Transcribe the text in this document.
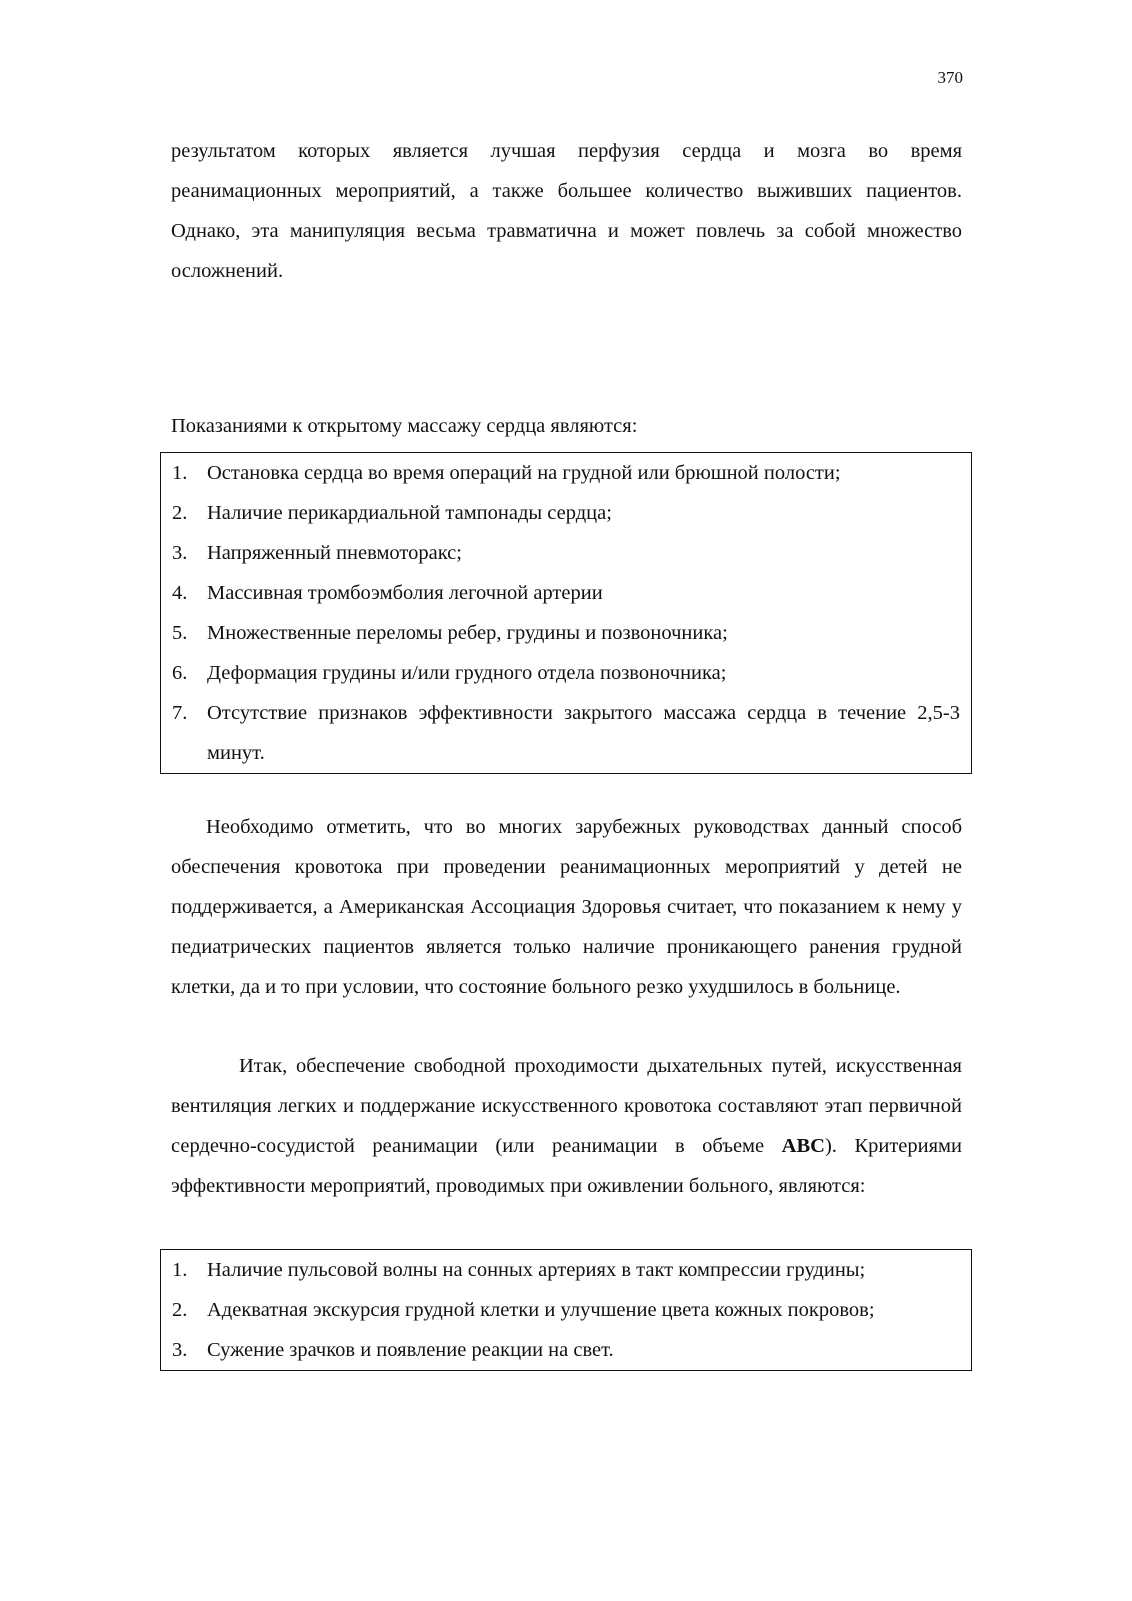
370

результатом которых является лучшая перфузия сердца и мозга во время реанимационных мероприятий, а также большее количество выживших пациентов. Однако, эта манипуляция весьма травматична и может повлечь за собой множество осложнений.

Показаниями к открытому массажу сердца являются:

1. Остановка сердца во время операций на грудной или брюшной полости;
2. Наличие перикардиальной тампонады сердца;
3. Напряженный пневмоторакс;
4. Массивная тромбоэмболия легочной артерии
5. Множественные переломы ребер, грудины и позвоночника;
6. Деформация грудины и/или грудного отдела позвоночника;
7. Отсутствие признаков эффективности закрытого массажа сердца в течение 2,5-3 минут.

Необходимо отметить, что во многих зарубежных руководствах данный способ обеспечения кровотока при проведении реанимационных мероприятий у детей не поддерживается, а Американская Ассоциация Здоровья считает, что показанием к нему у педиатрических пациентов является только наличие проникающего ранения грудной клетки, да и то при условии, что состояние больного резко ухудшилось в больнице.

Итак, обеспечение свободной проходимости дыхательных путей, искусственная вентиляция легких и поддержание искусственного кровотока составляют этап первичной сердечно-сосудистой реанимации (или реанимации в объеме АВС). Критериями эффективности мероприятий, проводимых при оживлении больного, являются:

1. Наличие пульсовой волны на сонных артериях в такт компрессии грудины;
2. Адекватная экскурсия грудной клетки и улучшение цвета кожных покровов;
3. Сужение зрачков и появление реакции на свет.
